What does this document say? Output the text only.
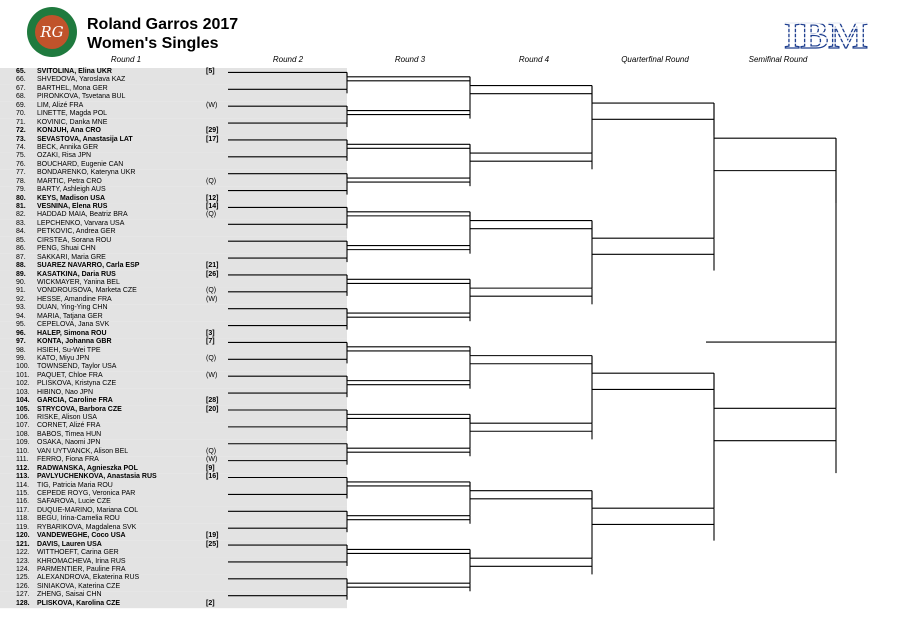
RG Roland Garros 2017
Women's Singles	IBM
Round 1	Round 2	Round 3	Round 4	Quarterfinal Round	Semifinal Round
65.	SVITOLINA, Elina UKR	[5]
66.	SHVEDOVA, Yaroslava KAZ
67.	BARTHEL, Mona GER
68.	PIRONKOVA, Tsvetana BUL
69.	LIM, Alizé FRA	(W)
70.	LINETTE, Magda POL
71.	KOVINIC, Danka MNE
72.	KONJUH, Ana CRO	[29]
73.	SEVASTOVA, Anastasija LAT	[17]
74.	BECK, Annika GER
75.	OZAKI, Risa JPN
76.	BOUCHARD, Eugenie CAN
77.	BONDARENKO, Kateryna UKR
78.	MARTIC, Petra CRO	(Q)
79.	BARTY, Ashleigh AUS
80.	KEYS, Madison USA	[12]
81.	VESNINA, Elena RUS	[14]
82.	HADDAD MAIA, Beatriz BRA	(Q)
83.	LEPCHENKO, Varvara USA
84.	PETKOVIC, Andrea GER
85.	CIRSTEA, Sorana ROU
86.	PENG, Shuai CHN
87.	SAKKARI, Maria GRE
88.	SUAREZ NAVARRO, Carla ESP	[21]
89.	KASATKINA, Daria RUS	[26]
90.	WICKMAYER, Yanina BEL
91.	VONDROUSOVA, Marketa CZE	(Q)
92.	HESSE, Amandine FRA	(W)
93.	DUAN, Ying-Ying CHN
94.	MARIA, Tatjana GER
95.	CEPELOVA, Jana SVK
96.	HALEP, Simona ROU	[3]
97.	KONTA, Johanna GBR	[7]
98.	HSIEH, Su-Wei TPE
99.	KATO, Miyu JPN	(Q)
100.	TOWNSEND, Taylor USA
101.	PAQUET, Chloe FRA	(W)
102.	PLISKOVA, Kristyna CZE
103.	HIBINO, Nao JPN
104.	GARCIA, Caroline FRA	[28]
105.	STRYCOVA, Barbora CZE	[20]
106.	RISKE, Alison USA
107.	CORNET, Alizé FRA
108.	BABOS, Timea HUN
109.	OSAKA, Naomi JPN
110.	VAN UYTVANCK, Alison BEL	(Q)
111.	FERRO, Fiona FRA	(W)
112.	RADWANSKA, Agnieszka POL	[9]
113.	PAVLYUCHENKOVA, Anastasia RUS	[16]
114.	TIG, Patricia Maria ROU
115.	CEPEDE ROYG, Veronica PAR
116.	SAFAROVA, Lucie CZE
117.	DUQUE-MARINO, Mariana COL
118.	BEGU, Irina-Camelia ROU
119.	RYBARIKOVA, Magdalena SVK
120.	VANDEWEGHE, Coco USA	[19]
121.	DAVIS, Lauren USA	[25]
122.	WITTHOEFT, Carina GER
123.	KHROMACHEVA, Irina RUS
124.	PARMENTIER, Pauline FRA
125.	ALEXANDROVA, Ekaterina RUS
126.	SINIAKOVA, Katerina CZE
127.	ZHENG, Saisai CHN
128.	PLISKOVA, Karolina CZE	[2]
